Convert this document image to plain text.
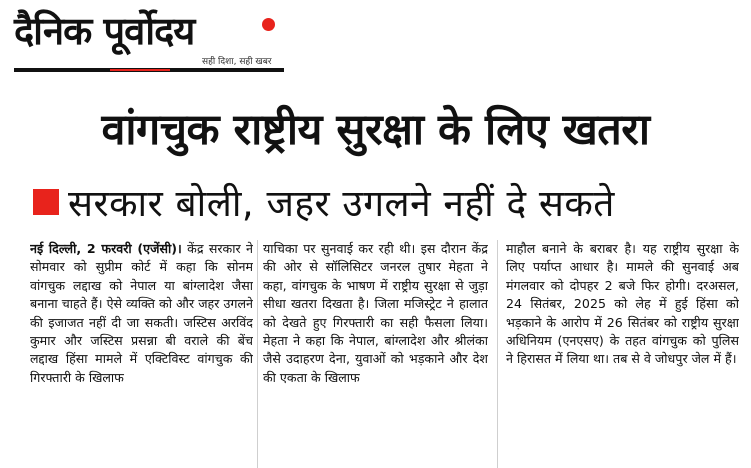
दैनिक पूर्वोदय
सही दिशा, सही खबर
वांगचुक राष्ट्रीय सुरक्षा के लिए खतरा
सरकार बोली, जहर उगलने नहीं दे सकते
नई दिल्ली, 2 फरवरी (एजेंसी)। केंद्र सरकार ने सोमवार को सुप्रीम कोर्ट में कहा कि सोनम वांगचुक लद्दाख को नेपाल या बांग्लादेश जैसा बनाना चाहते हैं। ऐसे व्यक्ति को और जहर उगलने की इजाजत नहीं दी जा सकती। जस्टिस अरविंद कुमार और जस्टिस प्रसन्ना बी वराले की बेंच लद्दाख हिंसा मामले में एक्टिविस्ट वांगचुक की गिरफ्तारी के खिलाफ
याचिका पर सुनवाई कर रही थी। इस दौरान केंद्र की ओर से सॉलिसिटर जनरल तुषार मेहता ने कहा, वांगचुक के भाषण में राष्ट्रीय सुरक्षा से जुड़ा सीधा खतरा दिखता है। जिला मजिस्ट्रेट ने हालात को देखते हुए गिरफ्तारी का सही फैसला लिया। मेहता ने कहा कि नेपाल, बांग्लादेश और श्रीलंका जैसे उदाहरण देना, युवाओं को भड़काने और देश की एकता के खिलाफ
माहौल बनाने के बराबर है। यह राष्ट्रीय सुरक्षा के लिए पर्याप्त आधार है। मामले की सुनवाई अब मंगलवार को दोपहर 2 बजे फिर होगी। दरअसल, 24 सितंबर, 2025 को लेह में हुई हिंसा को भड़काने के आरोप में 26 सितंबर को राष्ट्रीय सुरक्षा अधिनियम (एनएसए) के तहत वांगचुक को पुलिस ने हिरासत में लिया था। तब से वे जोधपुर जेल में हैं।
